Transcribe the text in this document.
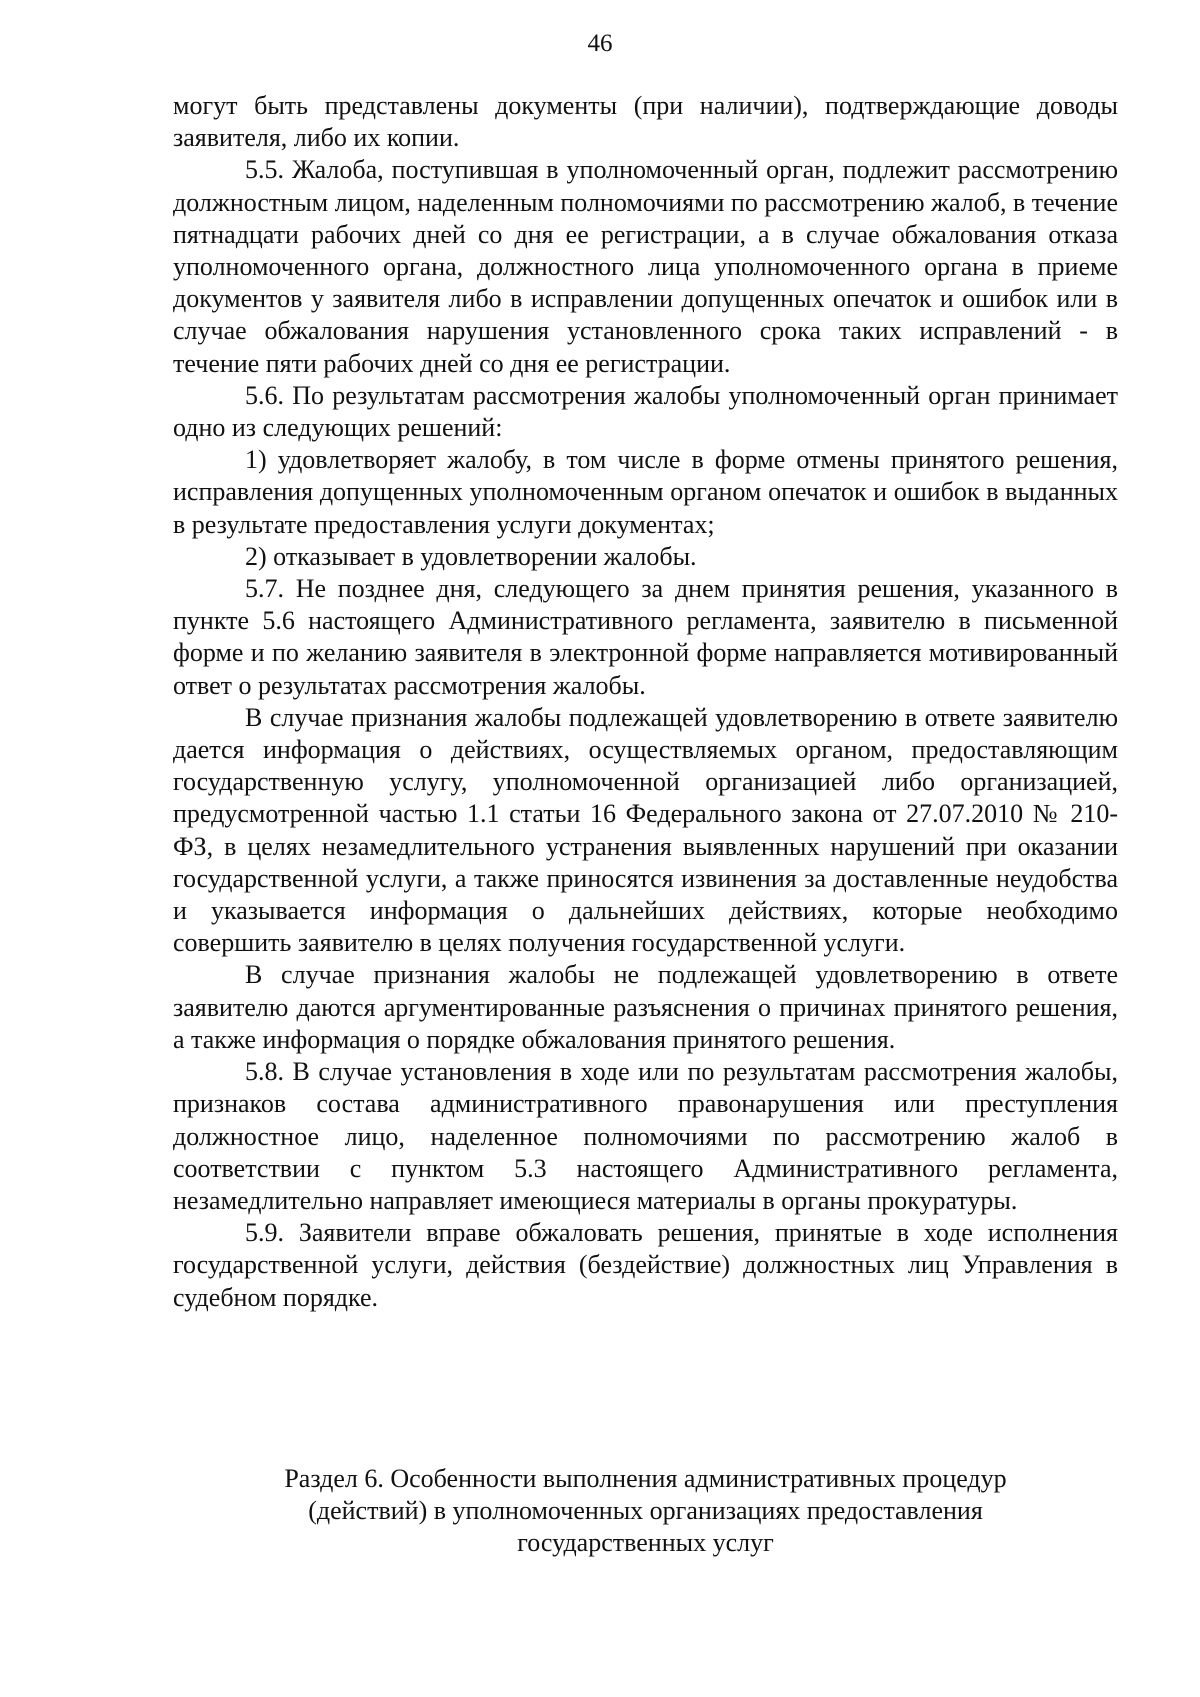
46

могут быть представлены документы (при наличии), подтверждающие доводы заявителя, либо их копии.

5.5. Жалоба, поступившая в уполномоченный орган, подлежит рассмотрению должностным лицом, наделенным полномочиями по рассмотрению жалоб, в течение пятнадцати рабочих дней со дня ее регистрации, а в случае обжалования отказа уполномоченного органа, должностного лица уполномоченного органа в приеме документов у заявителя либо в исправлении допущенных опечаток и ошибок или в случае обжалования нарушения установленного срока таких исправлений - в течение пяти рабочих дней со дня ее регистрации.

5.6. По результатам рассмотрения жалобы уполномоченный орган принимает одно из следующих решений:

1) удовлетворяет жалобу, в том числе в форме отмены принятого решения, исправления допущенных уполномоченным органом опечаток и ошибок в выданных в результате предоставления услуги документах;

2) отказывает в удовлетворении жалобы.

5.7. Не позднее дня, следующего за днем принятия решения, указанного в пункте 5.6 настоящего Административного регламента, заявителю в письменной форме и по желанию заявителя в электронной форме направляется мотивированный ответ о результатах рассмотрения жалобы.

В случае признания жалобы подлежащей удовлетворению в ответе заявителю дается информация о действиях, осуществляемых органом, предоставляющим государственную услугу, уполномоченной организацией либо организацией, предусмотренной частью 1.1 статьи 16 Федерального закона от 27.07.2010 № 210-ФЗ, в целях незамедлительного устранения выявленных нарушений при оказании государственной услуги, а также приносятся извинения за доставленные неудобства и указывается информация о дальнейших действиях, которые необходимо совершить заявителю в целях получения государственной услуги.

В случае признания жалобы не подлежащей удовлетворению в ответе заявителю даются аргументированные разъяснения о причинах принятого решения, а также информация о порядке обжалования принятого решения.

5.8. В случае установления в ходе или по результатам рассмотрения жалобы, признаков состава административного правонарушения или преступления должностное лицо, наделенное полномочиями по рассмотрению жалоб в соответствии с пунктом 5.3 настоящего Административного регламента, незамедлительно направляет имеющиеся материалы в органы прокуратуры.

5.9. Заявители вправе обжаловать решения, принятые в ходе исполнения государственной услуги, действия (бездействие) должностных лиц Управления в судебном порядке.

Раздел 6. Особенности выполнения административных процедур
(действий) в уполномоченных организациях предоставления
государственных услуг
